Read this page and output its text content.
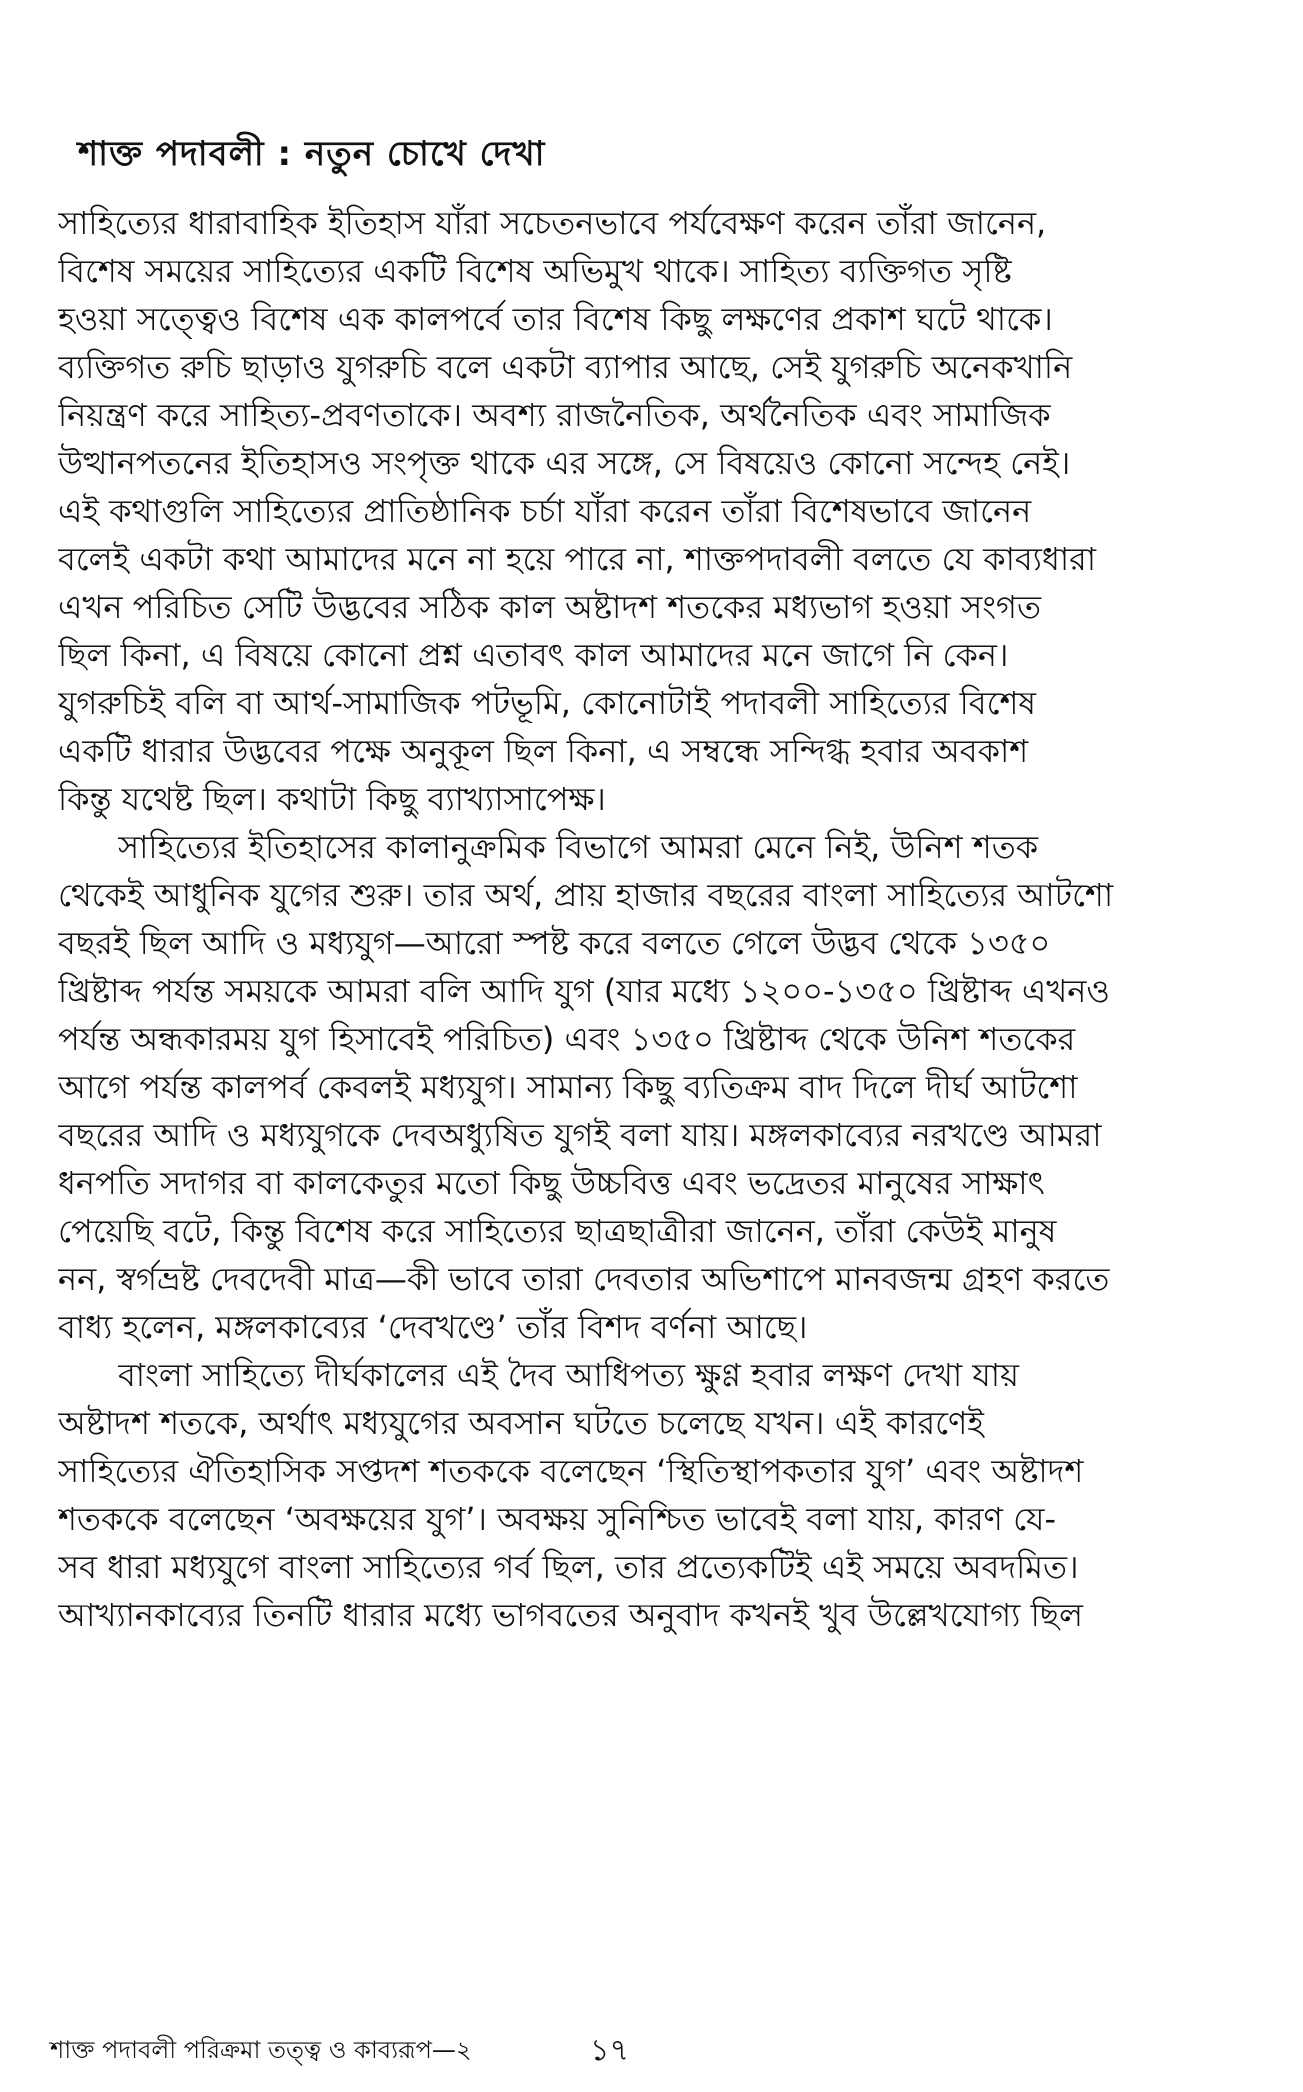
শাক্ত পদাবলী : নতুন চোখে দেখা
সাহিত্যের ধারাবাহিক ইতিহাস যাঁরা সচেতনভাবে পর্যবেক্ষণ করেন তাঁরা জানেন,
বিশেষ সময়ের সাহিত্যের একটি বিশেষ অভিমুখ থাকে। সাহিত্য ব্যক্তিগত সৃষ্টি
হওয়া সত্ত্বেও বিশেষ এক কালপর্বে তার বিশেষ কিছু লক্ষণের প্রকাশ ঘটে থাকে।
ব্যক্তিগত রুচি ছাড়াও যুগরুচি বলে একটা ব্যাপার আছে, সেই যুগরুচি অনেকখানি
নিয়ন্ত্রণ করে সাহিত্য-প্রবণতাকে। অবশ্য রাজনৈতিক, অর্থনৈতিক এবং সামাজিক
উত্থানপতনের ইতিহাসও সংপৃক্ত থাকে এর সঙ্গে, সে বিষয়েও কোনো সন্দেহ নেই।
এই কথাগুলি সাহিত্যের প্রাতিষ্ঠানিক চর্চা যাঁরা করেন তাঁরা বিশেষভাবে জানেন
বলেই একটা কথা আমাদের মনে না হয়ে পারে না, শাক্তপদাবলী বলতে যে কাব্যধারা
এখন পরিচিত সেটি উদ্ভবের সঠিক কাল অষ্টাদশ শতকের মধ্যভাগ হওয়া সংগত
ছিল কিনা, এ বিষয়ে কোনো প্রশ্ন এতাবৎ কাল আমাদের মনে জাগে নি কেন।
যুগরুচিই বলি বা আর্থ-সামাজিক পটভূমি, কোনোটাই পদাবলী সাহিত্যের বিশেষ
একটি ধারার উদ্ভবের পক্ষে অনুকূল ছিল কিনা, এ সম্বন্ধে সন্দিগ্ধ হবার অবকাশ
কিন্তু যথেষ্ট ছিল। কথাটা কিছু ব্যাখ্যাসাপেক্ষ।
সাহিত্যের ইতিহাসের কালানুক্রমিক বিভাগে আমরা মেনে নিই, উনিশ শতক
থেকেই আধুনিক যুগের শুরু। তার অর্থ, প্রায় হাজার বছরের বাংলা সাহিত্যের আটশো
বছরই ছিল আদি ও মধ্যযুগ—আরো স্পষ্ট করে বলতে গেলে উদ্ভব থেকে ১৩৫০
খ্রিষ্টাব্দ পর্যন্ত সময়কে আমরা বলি আদি যুগ (যার মধ্যে ১২০০-১৩৫০ খ্রিষ্টাব্দ এখনও
পর্যন্ত অন্ধকারময় যুগ হিসাবেই পরিচিত) এবং ১৩৫০ খ্রিষ্টাব্দ থেকে উনিশ শতকের
আগে পর্যন্ত কালপর্ব কেবলই মধ্যযুগ। সামান্য কিছু ব্যতিক্রম বাদ দিলে দীর্ঘ আটশো
বছরের আদি ও মধ্যযুগকে দেবঅধ্যুষিত যুগই বলা যায়। মঙ্গলকাব্যের নরখণ্ডে আমরা
ধনপতি সদাগর বা কালকেতুর মতো কিছু উচ্চবিত্ত এবং ভদ্রেতর মানুষের সাক্ষাৎ
পেয়েছি বটে, কিন্তু বিশেষ করে সাহিত্যের ছাত্রছাত্রীরা জানেন, তাঁরা কেউই মানুষ
নন, স্বর্গভ্রষ্ট দেবদেবী মাত্র—কী ভাবে তারা দেবতার অভিশাপে মানবজন্ম গ্রহণ করতে
বাধ্য হলেন, মঙ্গলকাব্যের ‘দেবখণ্ডে’ তাঁর বিশদ বর্ণনা আছে।
বাংলা সাহিত্যে দীর্ঘকালের এই দৈব আধিপত্য ক্ষুণ্ণ হবার লক্ষণ দেখা যায়
অষ্টাদশ শতকে, অর্থাৎ মধ্যযুগের অবসান ঘটতে চলেছে যখন। এই কারণেই
সাহিত্যের ঐতিহাসিক সপ্তদশ শতককে বলেছেন ‘স্থিতিস্থাপকতার যুগ’ এবং অষ্টাদশ
শতককে বলেছেন ‘অবক্ষয়ের যুগ’। অবক্ষয় সুনিশ্চিত ভাবেই বলা যায়, কারণ যে-
সব ধারা মধ্যযুগে বাংলা সাহিত্যের গর্ব ছিল, তার প্রত্যেকটিই এই সময়ে অবদমিত।
আখ্যানকাব্যের তিনটি ধারার মধ্যে ভাগবতের অনুবাদ কখনই খুব উল্লেখযোগ্য ছিল
শাক্ত পদাবলী পরিক্রমা তত্ত্ব ও কাব্যরূপ—২	১৭
